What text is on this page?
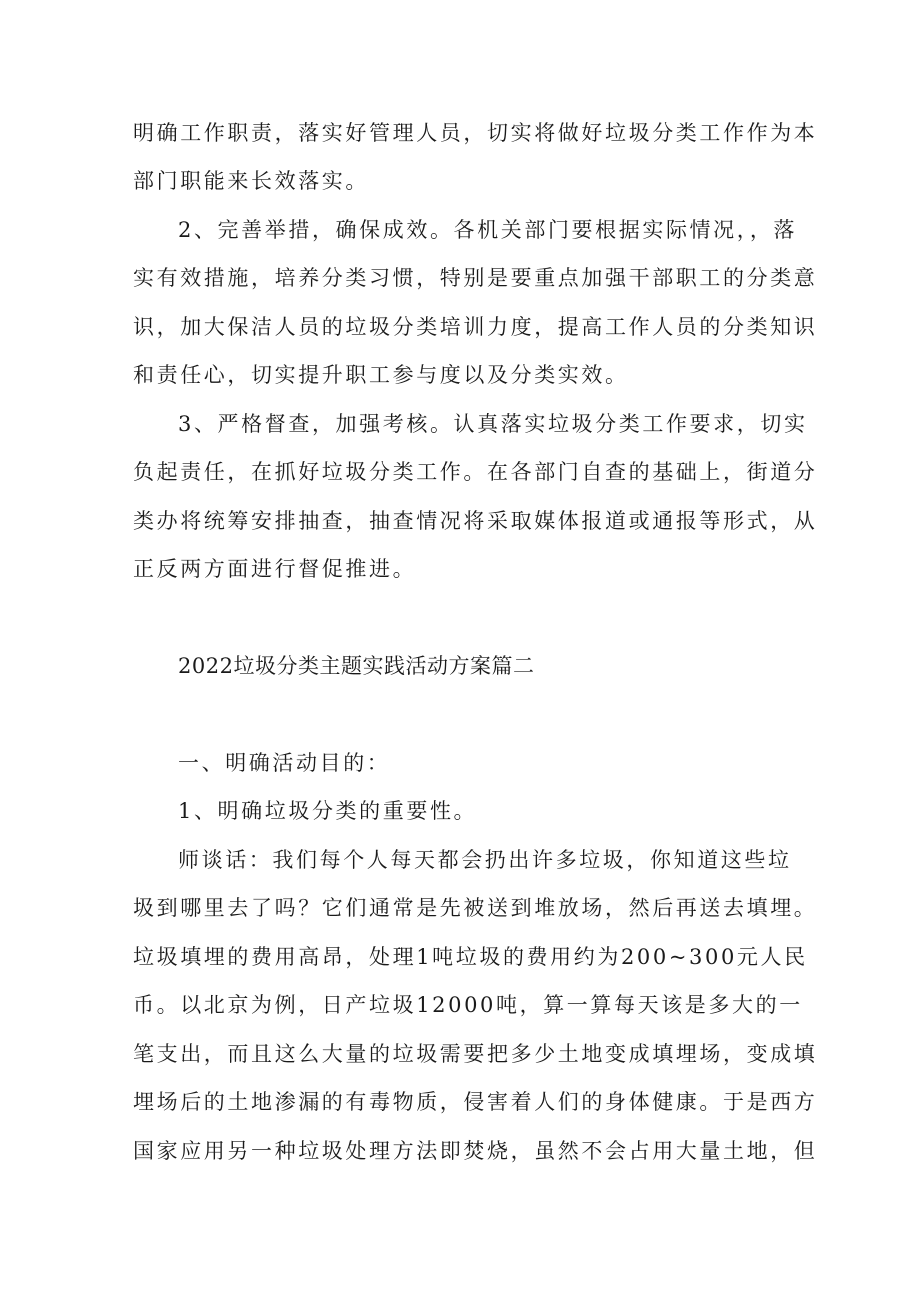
明确工作职责，落实好管理人员，切实将做好垃圾分类工作作为本
部门职能来长效落实。
2、完善举措，确保成效。各机关部门要根据实际情况，，落
实有效措施，培养分类习惯，特别是要重点加强干部职工的分类意
识，加大保洁人员的垃圾分类培训力度，提高工作人员的分类知识
和责任心，切实提升职工参与度以及分类实效。
3、严格督查，加强考核。认真落实垃圾分类工作要求，切实
负起责任，在抓好垃圾分类工作。在各部门自查的基础上，街道分
类办将统筹安排抽查，抽查情况将采取媒体报道或通报等形式，从
正反两方面进行督促推进。
2022垃圾分类主题实践活动方案篇二
一、明确活动目的：
1、明确垃圾分类的重要性。
师谈话：我们每个人每天都会扔出许多垃圾，你知道这些垃
圾到哪里去了吗？它们通常是先被送到堆放场，然后再送去填埋。
垃圾填埋的费用高昂，处理1吨垃圾的费用约为200~300元人民
币。以北京为例，日产垃圾12000吨，算一算每天该是多大的一
笔支出，而且这么大量的垃圾需要把多少土地变成填埋场，变成填
埋场后的土地渗漏的有毒物质，侵害着人们的身体健康。于是西方
国家应用另一种垃圾处理方法即焚烧，虽然不会占用大量土地，但
